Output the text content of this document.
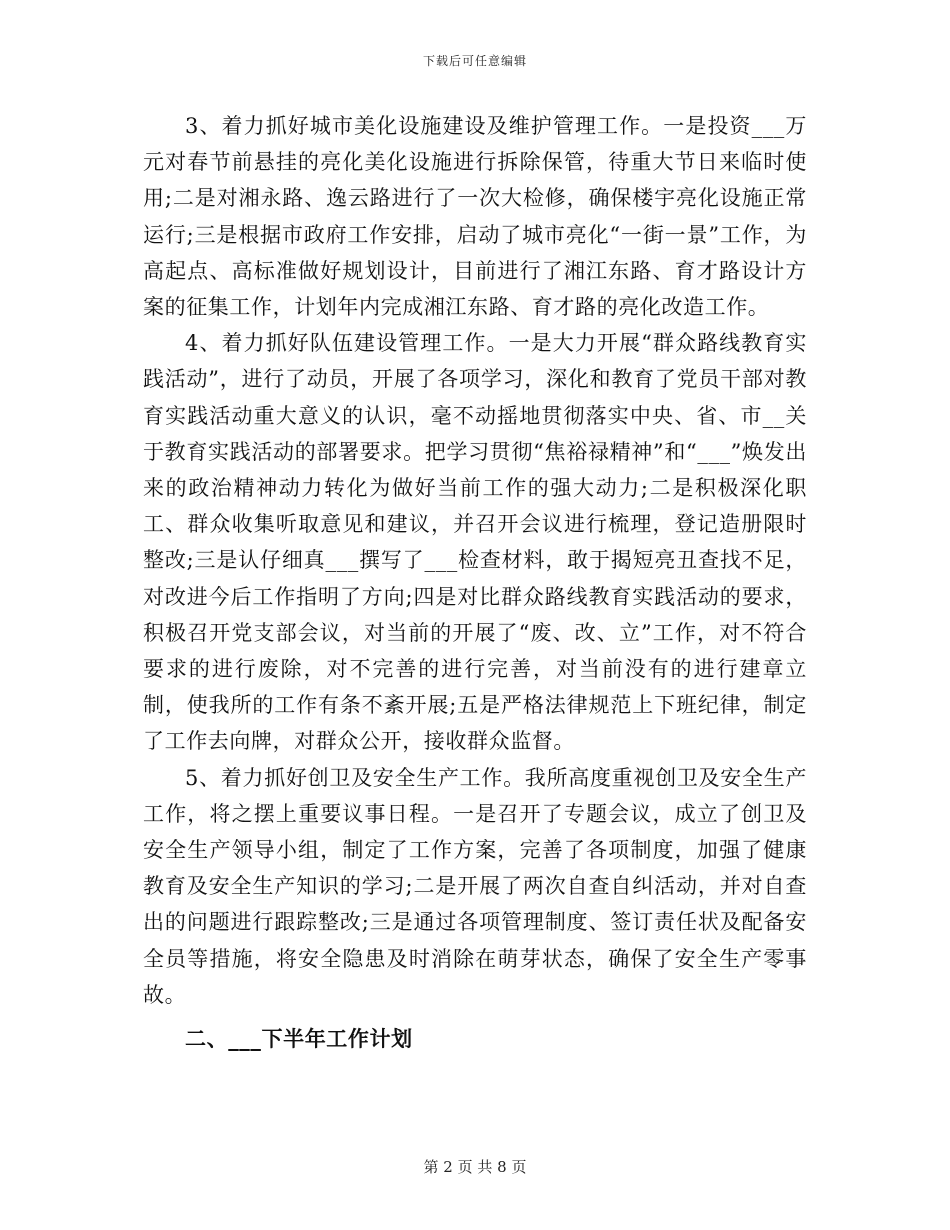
下载后可任意编辑

3、着力抓好城市美化设施建设及维护管理工作。一是投资___万元对春节前悬挂的亮化美化设施进行拆除保管，待重大节日来临时使用;二是对湘永路、逸云路进行了一次大检修，确保楼宇亮化设施正常运行;三是根据市政府工作安排，启动了城市亮化“一街一景”工作，为高起点、高标准做好规划设计，目前进行了湘江东路、育才路设计方案的征集工作，计划年内完成湘江东路、育才路的亮化改造工作。

4、着力抓好队伍建设管理工作。一是大力开展“群众路线教育实践活动”，进行了动员，开展了各项学习，深化和教育了党员干部对教育实践活动重大意义的认识，毫不动摇地贯彻落实中央、省、市__关于教育实践活动的部署要求。把学习贯彻“焦裕禄精神”和“___”焕发出来的政治精神动力转化为做好当前工作的强大动力;二是积极深化职工、群众收集听取意见和建议，并召开会议进行梳理，登记造册限时整改;三是认仔细真___撰写了___检查材料，敢于揭短亮丑查找不足，对改进今后工作指明了方向;四是对比群众路线教育实践活动的要求，积极召开党支部会议，对当前的开展了“废、改、立”工作，对不符合要求的进行废除，对不完善的进行完善，对当前没有的进行建章立制，使我所的工作有条不紊开展;五是严格法律规范上下班纪律，制定了工作去向牌，对群众公开，接收群众监督。

5、着力抓好创卫及安全生产工作。我所高度重视创卫及安全生产工作，将之摆上重要议事日程。一是召开了专题会议，成立了创卫及安全生产领导小组，制定了工作方案，完善了各项制度，加强了健康教育及安全生产知识的学习;二是开展了两次自查自纠活动，并对自查出的问题进行跟踪整改;三是通过各项管理制度、签订责任状及配备安全员等措施，将安全隐患及时消除在萌芽状态，确保了安全生产零事故。

二、___下半年工作计划

第 2 页 共 8 页
